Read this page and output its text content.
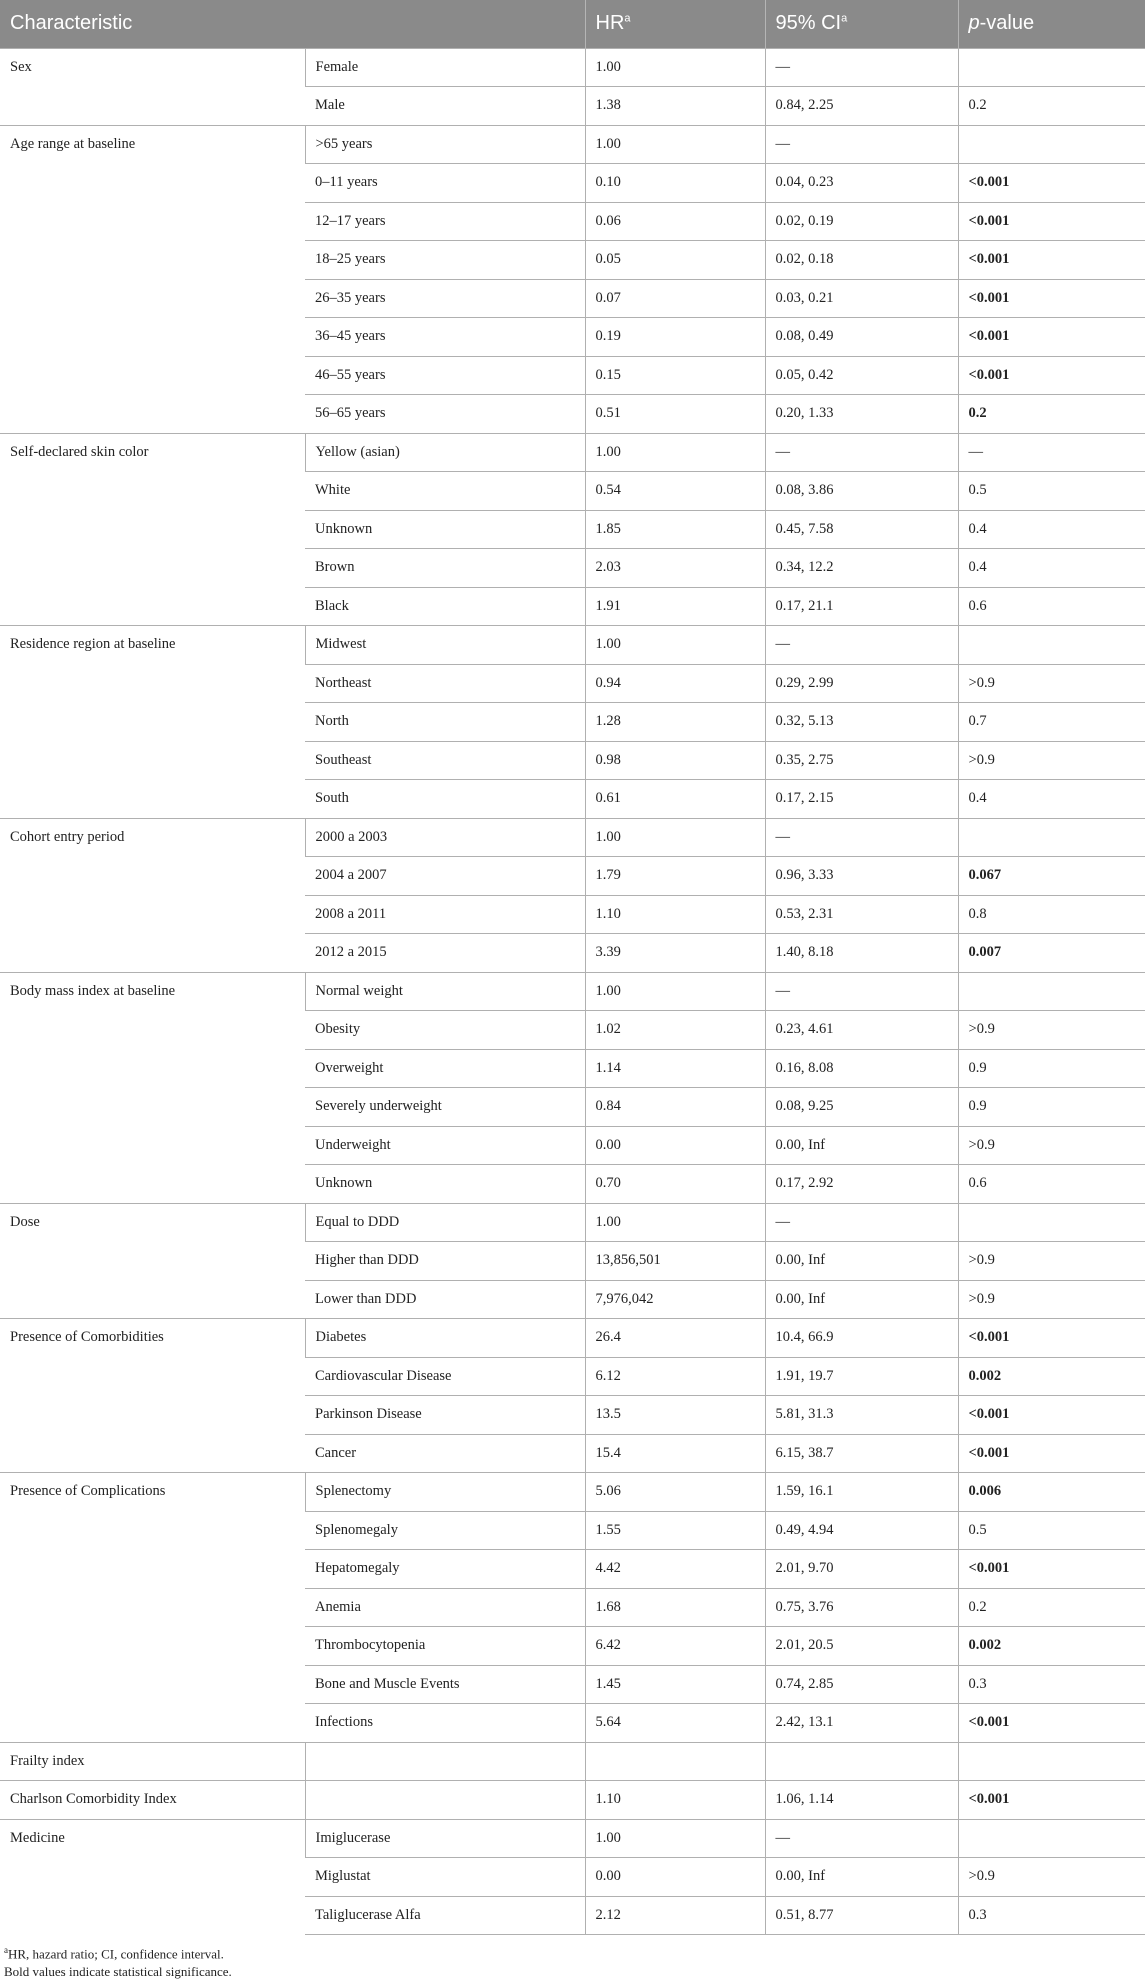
Characteristic		$HR^a$	95% $CI^a$	p-value
Sex	Female	1.00	—	
	Male	1.38	0.84, 2.25	0.2
Age range at baseline	>65 years	1.00	—	
	0–11 years	0.10	0.04, 0.23	<0.001
	12–17 years	0.06	0.02, 0.19	<0.001
	18–25 years	0.05	0.02, 0.18	<0.001
	26–35 years	0.07	0.03, 0.21	<0.001
	36–45 years	0.19	0.08, 0.49	<0.001
	46–55 years	0.15	0.05, 0.42	<0.001
	56–65 years	0.51	0.20, 1.33	0.2
Self-declared skin color	Yellow (asian)	1.00	—	—
	White	0.54	0.08, 3.86	0.5
	Unknown	1.85	0.45, 7.58	0.4
	Brown	2.03	0.34, 12.2	0.4
	Black	1.91	0.17, 21.1	0.6
Residence region at baseline	Midwest	1.00	—	
	Northeast	0.94	0.29, 2.99	>0.9
	North	1.28	0.32, 5.13	0.7
	Southeast	0.98	0.35, 2.75	>0.9
	South	0.61	0.17, 2.15	0.4
Cohort entry period	2000 a 2003	1.00	—	
	2004 a 2007	1.79	0.96, 3.33	0.067
	2008 a 2011	1.10	0.53, 2.31	0.8
	2012 a 2015	3.39	1.40, 8.18	0.007
Body mass index at baseline	Normal weight	1.00	—	
	Obesity	1.02	0.23, 4.61	>0.9
	Overweight	1.14	0.16, 8.08	0.9
	Severely underweight	0.84	0.08, 9.25	0.9
	Underweight	0.00	0.00, Inf	>0.9
	Unknown	0.70	0.17, 2.92	0.6
Dose	Equal to DDD	1.00	—	
	Higher than DDD	13,856,501	0.00, Inf	>0.9
	Lower than DDD	7,976,042	0.00, Inf	>0.9
Presence of Comorbidities	Diabetes	26.4	10.4, 66.9	<0.001
	Cardiovascular Disease	6.12	1.91, 19.7	0.002
	Parkinson Disease	13.5	5.81, 31.3	<0.001
	Cancer	15.4	6.15, 38.7	<0.001
Presence of Complications	Splenectomy	5.06	1.59, 16.1	0.006
	Splenomegaly	1.55	0.49, 4.94	0.5
	Hepatomegaly	4.42	2.01, 9.70	<0.001
	Anemia	1.68	0.75, 3.76	0.2
	Thrombocytopenia	6.42	2.01, 20.5	0.002
	Bone and Muscle Events	1.45	0.74, 2.85	0.3
	Infections	5.64	2.42, 13.1	<0.001
Frailty index				
Charlson Comorbidity Index		1.10	1.06, 1.14	<0.001
Medicine	Imiglucerase	1.00	—	
	Miglustat	0.00	0.00, Inf	>0.9
	Taliglucerase Alfa	2.12	0.51, 8.77	0.3
$^a$HR, hazard ratio; CI, confidence interval.
Bold values indicate statistical significance.
